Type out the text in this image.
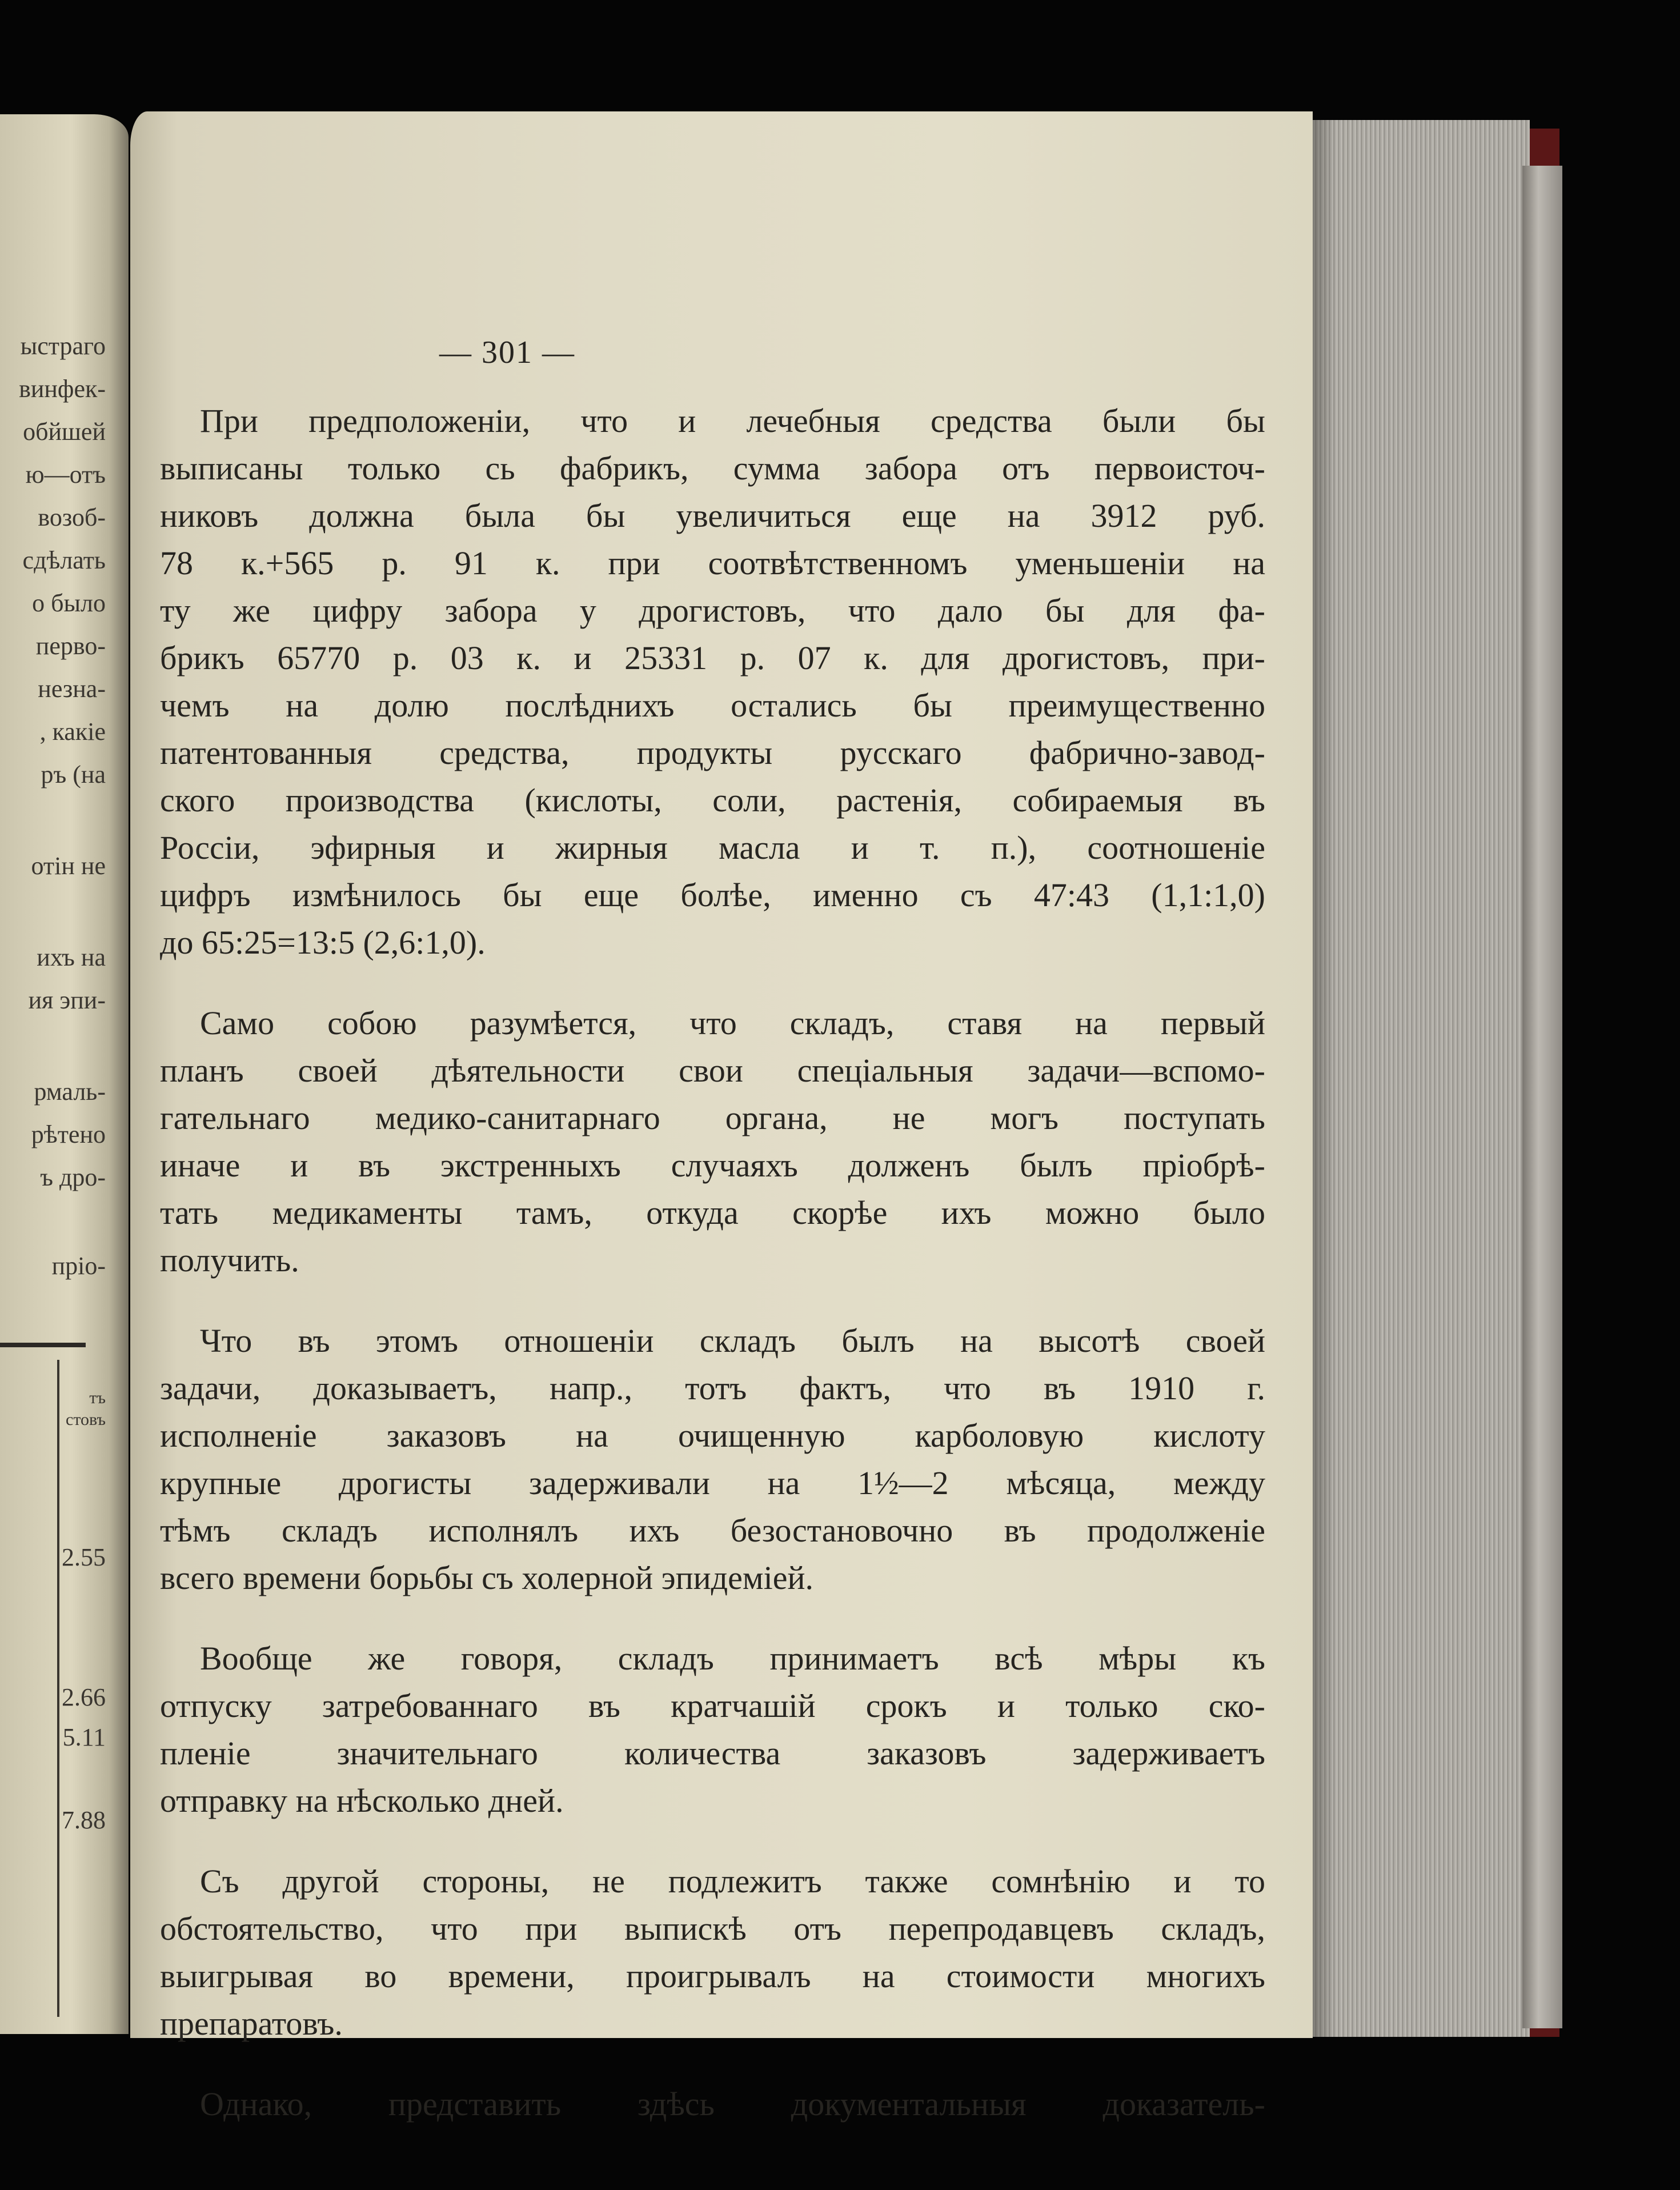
ыстраго
винфек-
обйшей
ю—отъ
возоб-
сдѣлать
о было
перво-
незна-
, какіе
ръ (на
отін не
ихъ на
ия эпи-
рмаль-
рѣтено
ъ дро-
пріо-
тъ
стовъ
2.55
2.66
5.11
7.88
— 301 —
При предположеніи, что и лечебныя средства были бы
выписаны только сь фабрикъ, сумма забора отъ первоисточ-
никовъ должна была бы увеличиться еще на 3912 руб.
78 к.+565 р. 91 к. при соотвѣтственномъ уменьшеніи на
ту же цифру забора у дрогистовъ, что дало бы для фа-
брикъ 65770 р. 03 к. и 25331 р. 07 к. для дрогистовъ, при-
чемъ на долю послѣднихъ остались бы преимущественно
патентованныя средства, продукты русскаго фабрично-завод-
ского производства (кислоты, соли, растенія, собираемыя въ
Россіи, эфирныя и жирныя масла и т. п.), соотношеніе
цифръ измѣнилось бы еще болѣе, именно съ 47:43 (1,1:1,0)
до 65:25=13:5 (2,6:1,0).
Само собою разумѣется, что складъ, ставя на первый
планъ своей дѣятельности свои спеціальныя задачи—вспомо-
гательнаго медико-санитарнаго органа, не могъ поступать
иначе и въ экстренныхъ случаяхъ долженъ былъ пріобрѣ-
тать медикаменты тамъ, откуда скорѣе ихъ можно было
получить.
Что въ этомъ отношеніи складъ былъ на высотѣ своей
задачи, доказываетъ, напр., тотъ фактъ, что въ 1910 г.
исполненіе заказовъ на очищенную карболовую кислоту
крупные дрогисты задерживали на 1½—2 мѣсяца, между
тѣмъ складъ исполнялъ ихъ безостановочно въ продолженіе
всего времени борьбы съ холерной эпидеміей.
Вообще же говоря, складъ принимаетъ всѣ мѣры къ
отпуску затребованнаго въ кратчашій срокъ и только ско-
пленіе значительнаго количества заказовъ задерживаетъ
отправку на нѣсколько дней.
Съ другой стороны, не подлежитъ также сомнѣнію и то
обстоятельство, что при выпискѣ отъ перепродавцевъ складъ,
выигрывая во времени, проигрывалъ на стоимости многихъ
препаратовъ.
Однако, представить здѣсь документальныя доказатель-
